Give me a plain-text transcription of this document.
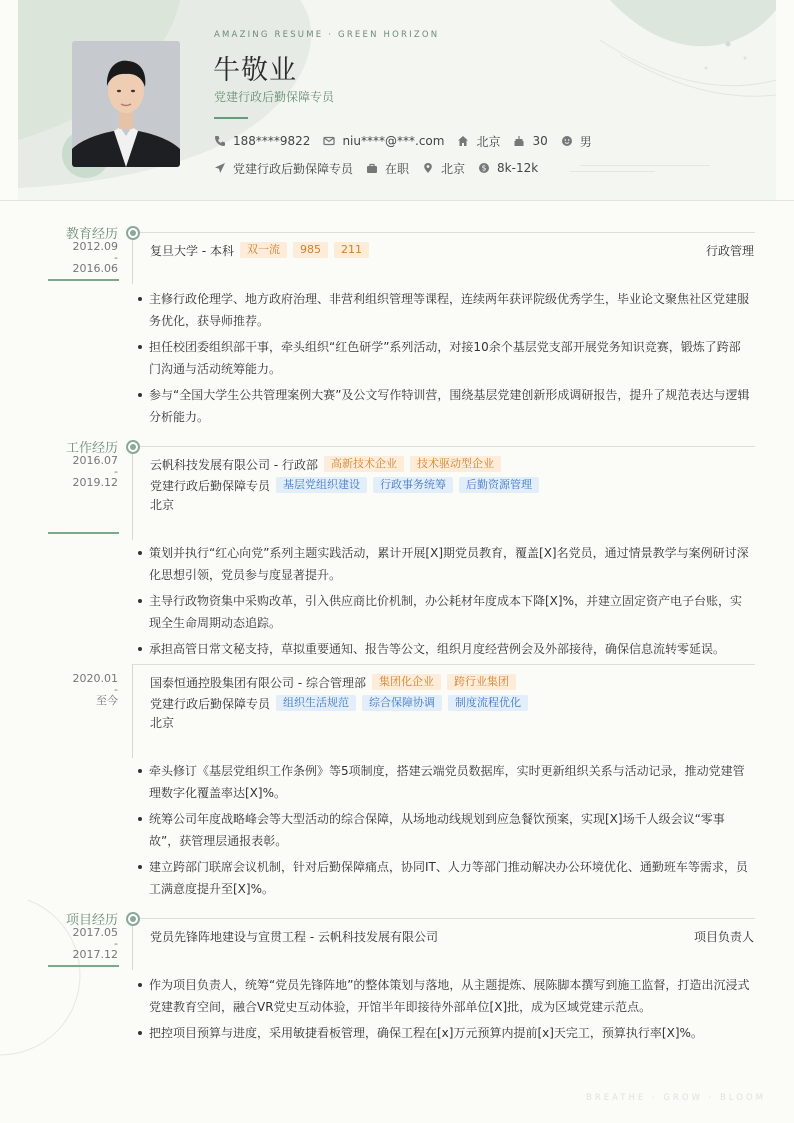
AMAZING RESUME · GREEN HORIZON
牛敬业
党建行政后勤保障专员
188****9822	niu****@***.com	北京	30	男
党建行政后勤保障专员	在职	北京 $ 8k-12k
教育经历
2012.09
-
2016.06
复旦大学 - 本科	双一流	985	211	行政管理
主修行政伦理学、地方政府治理、非营利组织管理等课程，连续两年获评院级优秀学生，毕业论文聚焦社区党建服务优化，获导师推荐。
担任校团委组织部干事，牵头组织“红色研学”系列活动，对接10余个基层党支部开展党务知识竞赛，锻炼了跨部门沟通与活动统筹能力。
参与“全国大学生公共管理案例大赛”及公文写作特训营，围绕基层党建创新形成调研报告，提升了规范表达与逻辑分析能力。
工作经历
2016.07
-
2019.12
云帆科技发展有限公司 - 行政部	高新技术企业	技术驱动型企业
党建行政后勤保障专员	基层党组织建设	行政事务统筹	后勤资源管理
北京
策划并执行“红心向党”系列主题实践活动，累计开展[X]期党员教育，覆盖[X]名党员，通过情景教学与案例研讨深化思想引领，党员参与度显著提升。
主导行政物资集中采购改革，引入供应商比价机制，办公耗材年度成本下降[X]%，并建立固定资产电子台账，实现全生命周期动态追踪。
承担高管日常文秘支持，草拟重要通知、报告等公文，组织月度经营例会及外部接待，确保信息流转零延误。
2020.01
-
至今
国泰恒通控股集团有限公司 - 综合管理部	集团化企业	跨行业集团
党建行政后勤保障专员	组织生活规范	综合保障协调	制度流程优化
北京
牵头修订《基层党组织工作条例》等5项制度，搭建云端党员数据库，实时更新组织关系与活动记录，推动党建管理数字化覆盖率达[X]%。
统筹公司年度战略峰会等大型活动的综合保障，从场地动线规划到应急餐饮预案，实现[X]场千人级会议“零事故”，获管理层通报表彰。
建立跨部门联席会议机制，针对后勤保障痛点，协同IT、人力等部门推动解决办公环境优化、通勤班车等需求，员工满意度提升至[X]%。
项目经历
2017.05
-
2017.12
党员先锋阵地建设与宣贯工程 - 云帆科技发展有限公司	项目负责人
作为项目负责人，统筹“党员先锋阵地”的整体策划与落地，从主题提炼、展陈脚本撰写到施工监督，打造出沉浸式党建教育空间，融合VR党史互动体验，开馆半年即接待外部单位[X]批，成为区域党建示范点。
把控项目预算与进度，采用敏捷看板管理，确保工程在[x]万元预算内提前[x]天完工，预算执行率[X]%。
BREATHE · GROW · BLOOM
